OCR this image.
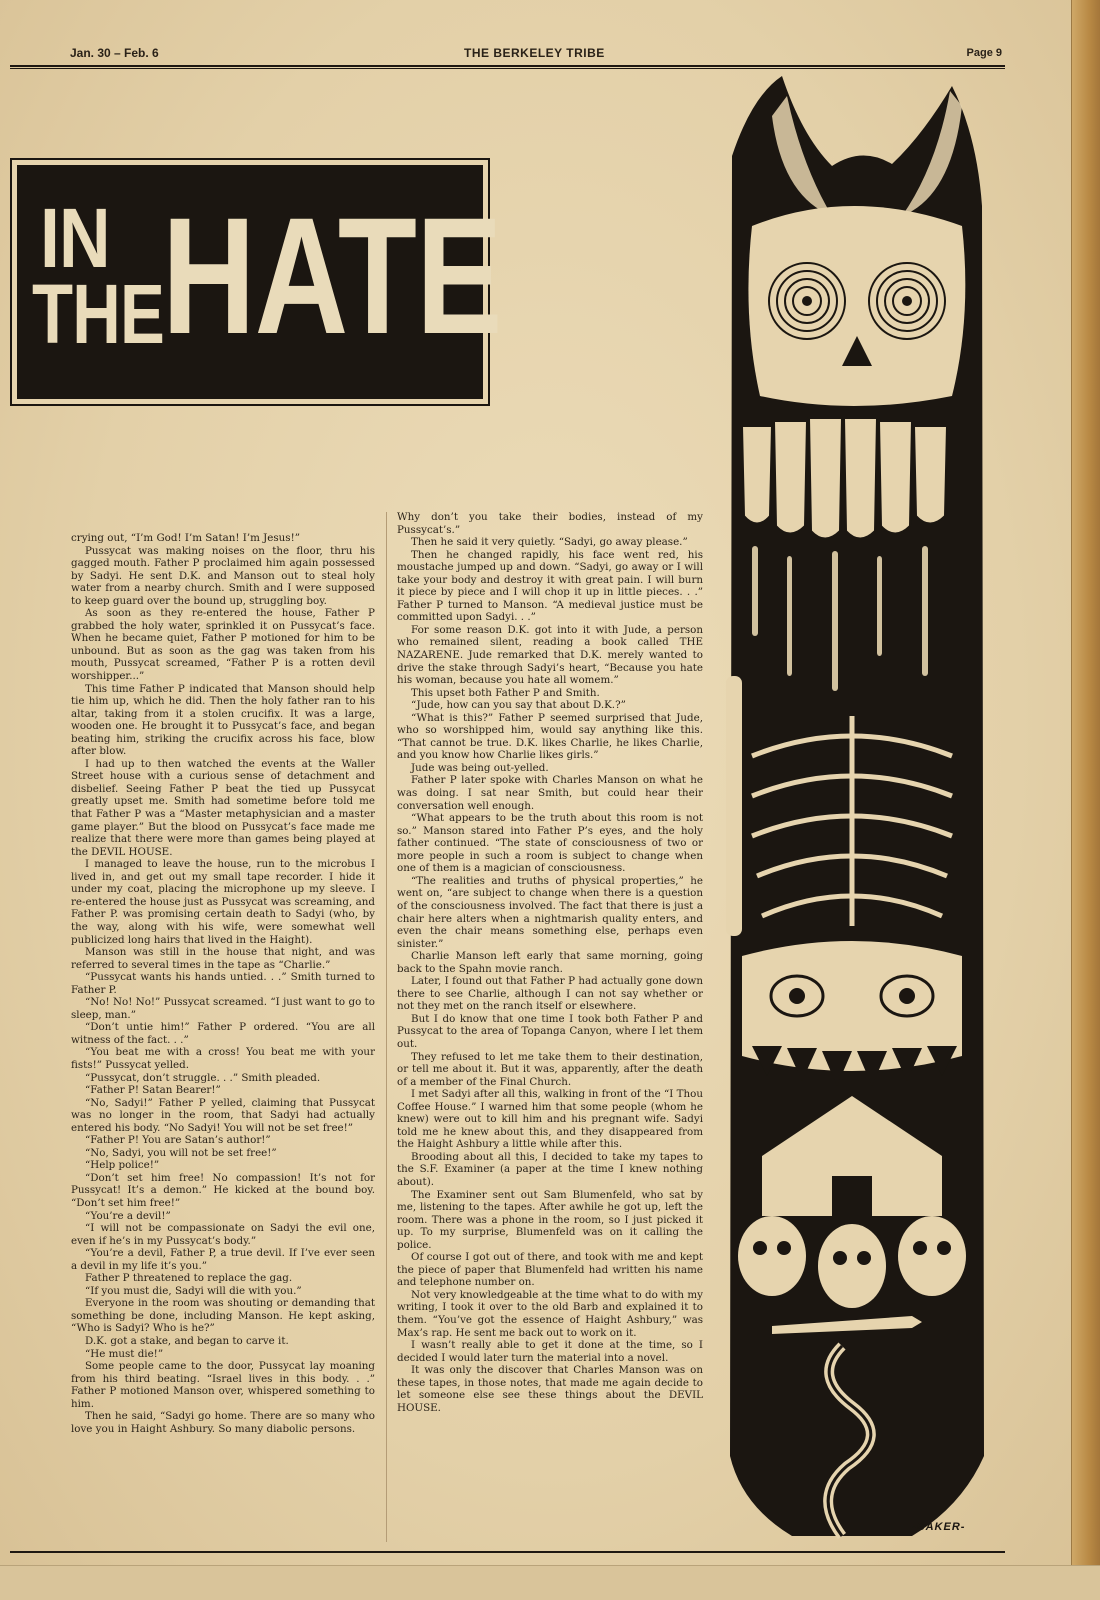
Jan. 30 – Feb. 6	THE BERKELEY TRIBE	Page 9
IN
THE
HATE

crying out, “I’m God! I’m Satan! I’m Jesus!”

Pussycat was making noises on the floor, thru his gagged mouth. Father P proclaimed him again possessed by Sadyi. He sent D.K. and Manson out to steal holy water from a nearby church. Smith and I were supposed to keep guard over the bound up, struggling boy.

As soon as they re-entered the house, Father P grabbed the holy water, sprinkled it on Pussycat’s face. When he became quiet, Father P motioned for him to be unbound. But as soon as the gag was taken from his mouth, Pussycat screamed, “Father P is a rotten devil worshipper...”

This time Father P indicated that Manson should help tie him up, which he did. Then the holy father ran to his altar, taking from it a stolen crucifix. It was a large, wooden one. He brought it to Pussycat’s face, and began beating him, striking the crucifix across his face, blow after blow.

I had up to then watched the events at the Waller Street house with a curious sense of detachment and disbelief. Seeing Father P beat the tied up Pussycat greatly upset me. Smith had sometime before told me that Father P was a “Master metaphysician and a master game player.” But the blood on Pussycat’s face made me realize that there were more than games being played at the DEVIL HOUSE.

I managed to leave the house, run to the microbus I lived in, and get out my small tape recorder. I hide it under my coat, placing the microphone up my sleeve. I re-entered the house just as Pussycat was screaming, and Father P. was promising certain death to Sadyi (who, by the way, along with his wife, were somewhat well publicized long hairs that lived in the Haight).

Manson was still in the house that night, and was referred to several times in the tape as “Charlie.”

“Pussycat wants his hands untied. . .” Smith turned to Father P.

“No! No! No!” Pussycat screamed. “I just want to go to sleep, man.”

“Don’t untie him!” Father P ordered. “You are all witness of the fact. . .”

“You beat me with a cross! You beat me with your fists!” Pussycat yelled.

“Pussycat, don’t struggle. . .” Smith pleaded.

“Father P! Satan Bearer!”

“No, Sadyi!” Father P yelled, claiming that Pussycat was no longer in the room, that Sadyi had actually entered his body. “No Sadyi! You will not be set free!”

“Father P! You are Satan’s author!”

“No, Sadyi, you will not be set free!”

“Help police!”

“Don’t set him free! No compassion! It’s not for Pussycat! It’s a demon.” He kicked at the bound boy. “Don’t set him free!”

“You’re a devil!”

“I will not be compassionate on Sadyi the evil one, even if he’s in my Pussycat’s body.”

“You’re a devil, Father P, a true devil. If I’ve ever seen a devil in my life it’s you.”

Father P threatened to replace the gag.

“If you must die, Sadyi will die with you.”

Everyone in the room was shouting or demanding that something be done, including Manson. He kept asking, “Who is Sadyi? Who is he?”

D.K. got a stake, and began to carve it.

“He must die!”

Some people came to the door, Pussycat lay moaning from his third beating. “Israel lives in this body. . .” Father P motioned Manson over, whispered something to him.

Then he said, “Sadyi go home. There are so many who love you in Haight Ashbury. So many diabolic persons.

Why don’t you take their bodies, instead of my Pussycat’s.”

Then he said it very quietly. “Sadyi, go away please.”

Then he changed rapidly, his face went red, his moustache jumped up and down. “Sadyi, go away or I will take your body and destroy it with great pain. I will burn it piece by piece and I will chop it up in little pieces. . .” Father P turned to Manson. “A medieval justice must be committed upon Sadyi. . .”

For some reason D.K. got into it with Jude, a person who remained silent, reading a book called THE NAZARENE. Jude remarked that D.K. merely wanted to drive the stake through Sadyi’s heart, “Because you hate his woman, because you hate all womem.”

This upset both Father P and Smith.

“Jude, how can you say that about D.K.?”

“What is this?” Father P seemed surprised that Jude, who so worshipped him, would say anything like this. “That cannot be true. D.K. likes Charlie, he likes Charlie, and you know how Charlie likes girls.”

Jude was being out-yelled.

Father P later spoke with Charles Manson on what he was doing. I sat near Smith, but could hear their conversation well enough.

“What appears to be the truth about this room is not so.” Manson stared into Father P’s eyes, and the holy father continued. “The state of consciousness of two or more people in such a room is subject to change when one of them is a magician of consciousness.

“The realities and truths of physical properties,” he went on, “are subject to change when there is a question of the consciousness involved. The fact that there is just a chair here alters when a nightmarish quality enters, and even the chair means something else, perhaps even sinister.”

Charlie Manson left early that same morning, going back to the Spahn movie ranch.

Later, I found out that Father P had actually gone down there to see Charlie, although I can not say whether or not they met on the ranch itself or elsewhere.

But I do know that one time I took both Father P and Pussycat to the area of Topanga Canyon, where I let them out.

They refused to let me take them to their destination, or tell me about it. But it was, apparently, after the death of a member of the Final Church.

I met Sadyi after all this, walking in front of the “I Thou Coffee House.” I warned him that some people (whom he knew) were out to kill him and his pregnant wife. Sadyi told me he knew about this, and they disappeared from the Haight Ashbury a little while after this.

Brooding about all this, I decided to take my tapes to the S.F. Examiner (a paper at the time I knew nothing about).

The Examiner sent out Sam Blumenfeld, who sat by me, listening to the tapes. After awhile he got up, left the room. There was a phone in the room, so I just picked it up. To my surprise, Blumenfeld was on it calling the police.

Of course I got out of there, and took with me and kept the piece of paper that Blumenfeld had written his name and telephone number on.

Not very knowledgeable at the time what to do with my writing, I took it over to the old Barb and explained it to them. “You’ve got the essence of Haight Ashbury,” was Max’s rap. He sent me back out to work on it.

I wasn’t really able to get it done at the time, so I decided I would later turn the material into a novel.

It was only the discover that Charles Manson was on these tapes, in those notes, that made me again decide to let someone else see these things about the DEVIL HOUSE.

-BAKER-
